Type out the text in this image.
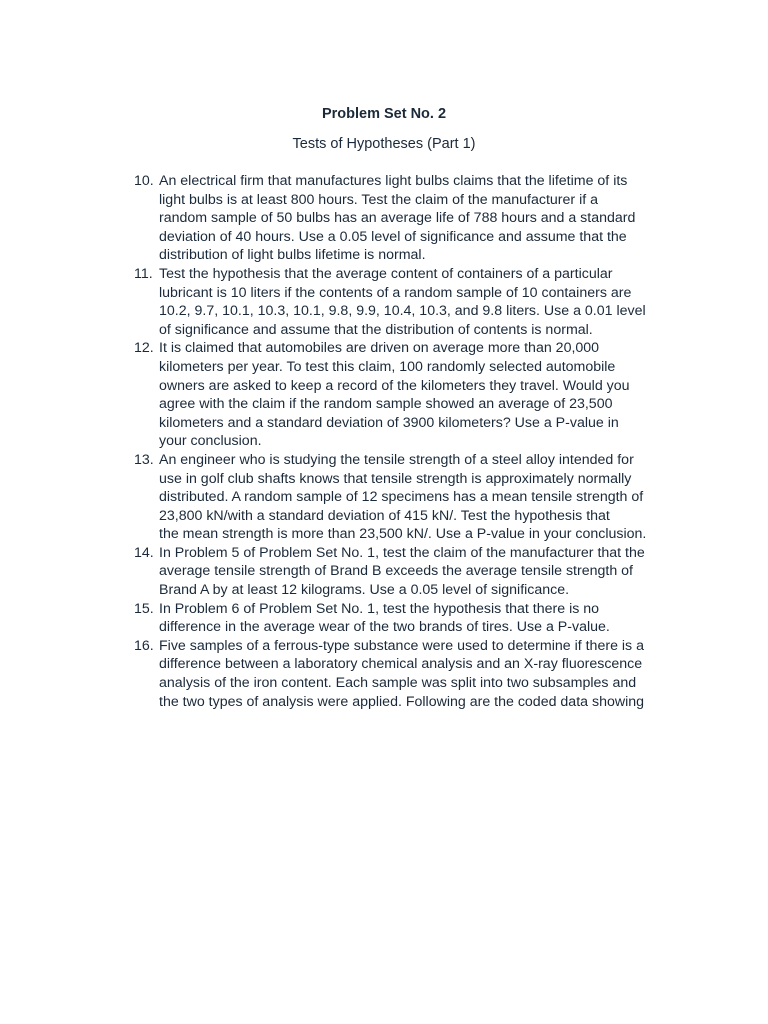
Problem Set No. 2
Tests of Hypotheses (Part 1)
10. An electrical firm that manufactures light bulbs claims that the lifetime of its
light bulbs is at least 800 hours. Test the claim of the manufacturer if a
random sample of 50 bulbs has an average life of 788 hours and a standard
deviation of 40 hours. Use a 0.05 level of significance and assume that the
distribution of light bulbs lifetime is normal.
11. Test the hypothesis that the average content of containers of a particular
lubricant is 10 liters if the contents of a random sample of 10 containers are
10.2, 9.7, 10.1, 10.3, 10.1, 9.8, 9.9, 10.4, 10.3, and 9.8 liters. Use a 0.01 level
of significance and assume that the distribution of contents is normal.
12. It is claimed that automobiles are driven on average more than 20,000
kilometers per year. To test this claim, 100 randomly selected automobile
owners are asked to keep a record of the kilometers they travel. Would you
agree with the claim if the random sample showed an average of 23,500
kilometers and a standard deviation of 3900 kilometers? Use a P-value in
your conclusion.
13. An engineer who is studying the tensile strength of a steel alloy intended for
use in golf club shafts knows that tensile strength is approximately normally
distributed. A random sample of 12 specimens has a mean tensile strength of
23,800 kN/with a standard deviation of 415 kN/. Test the hypothesis that
the mean strength is more than 23,500 kN/. Use a P-value in your conclusion.
14. In Problem 5 of Problem Set No. 1, test the claim of the manufacturer that the
average tensile strength of Brand B exceeds the average tensile strength of
Brand A by at least 12 kilograms. Use a 0.05 level of significance.
15. In Problem 6 of Problem Set No. 1, test the hypothesis that there is no
difference in the average wear of the two brands of tires. Use a P-value.
16. Five samples of a ferrous-type substance were used to determine if there is a
difference between a laboratory chemical analysis and an X-ray fluorescence
analysis of the iron content. Each sample was split into two subsamples and
the two types of analysis were applied. Following are the coded data showing
